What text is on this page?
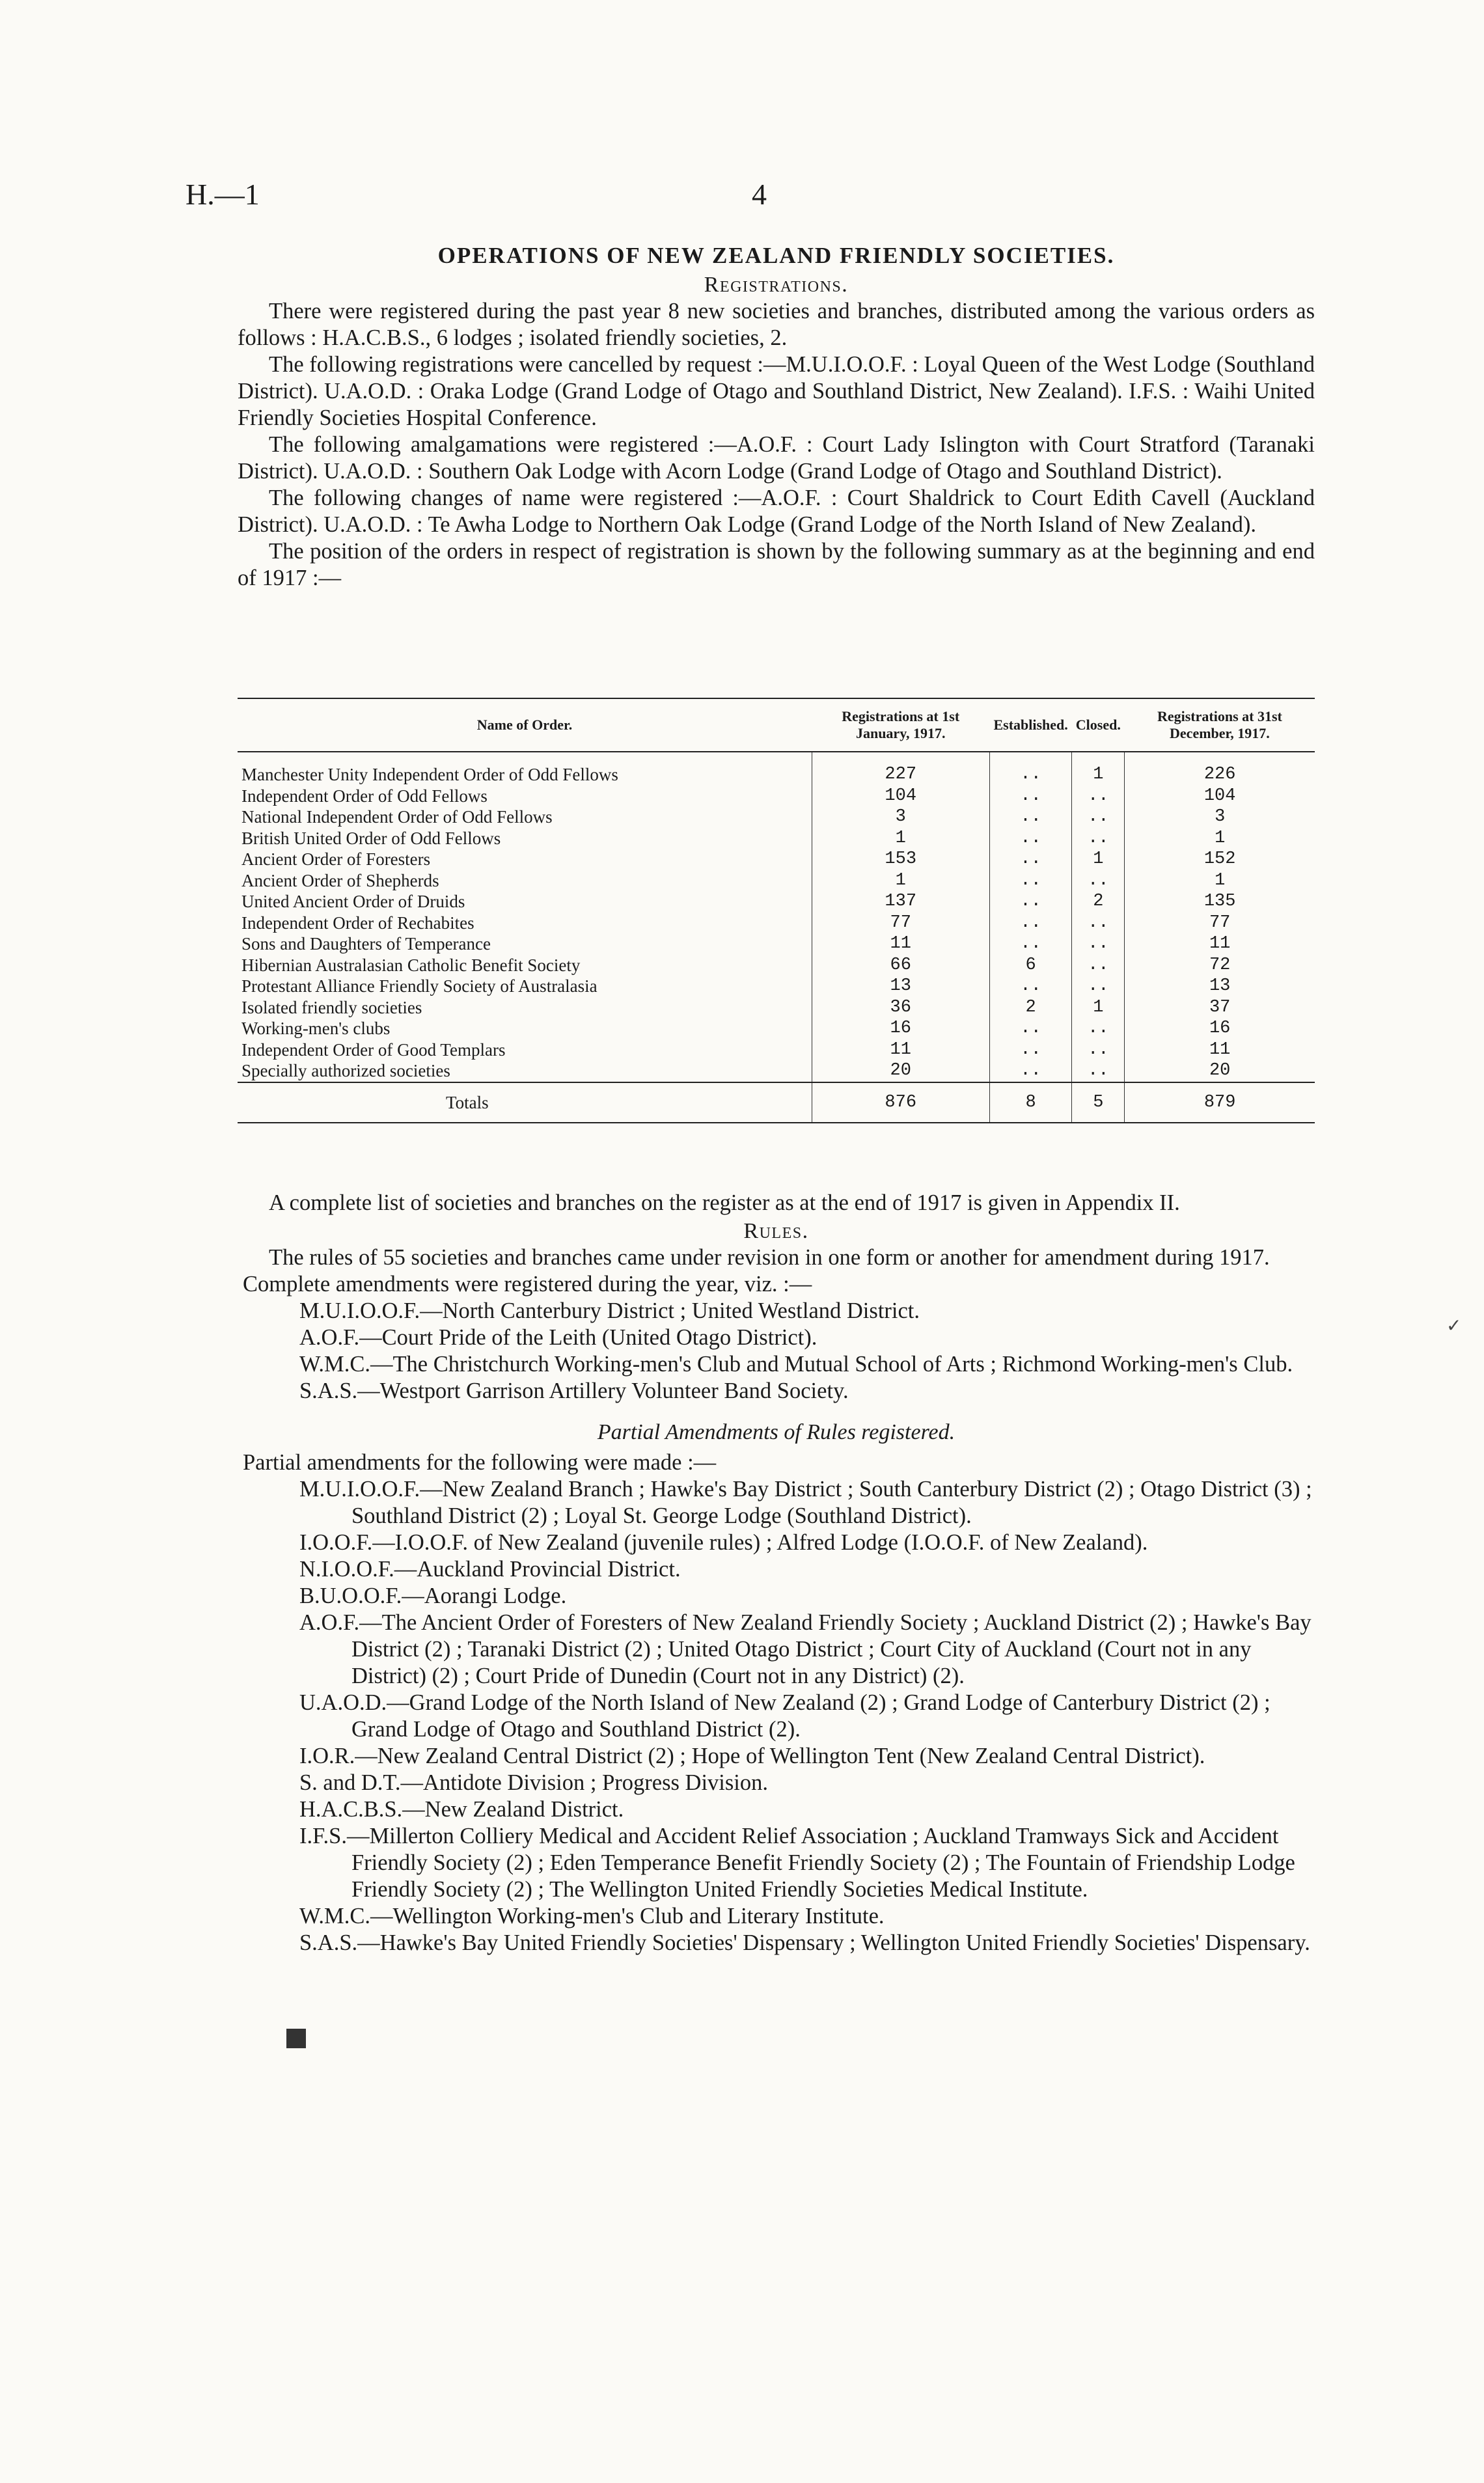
H.—1	4
OPERATIONS OF NEW ZEALAND FRIENDLY SOCIETIES.
Registrations.

There were registered during the past year 8 new societies and branches, distributed among the various orders as follows : H.A.C.B.S., 6 lodges ; isolated friendly societies, 2.

The following registrations were cancelled by request :—M.U.I.O.O.F. : Loyal Queen of the West Lodge (Southland District). U.A.O.D. : Oraka Lodge (Grand Lodge of Otago and Southland District, New Zealand). I.F.S. : Waihi United Friendly Societies Hospital Conference.

The following amalgamations were registered :—A.O.F. : Court Lady Islington with Court Stratford (Taranaki District). U.A.O.D. : Southern Oak Lodge with Acorn Lodge (Grand Lodge of Otago and Southland District).

The following changes of name were registered :—A.O.F. : Court Shaldrick to Court Edith Cavell (Auckland District). U.A.O.D. : Te Awha Lodge to Northern Oak Lodge (Grand Lodge of the North Island of New Zealand).

The position of the orders in respect of registration is shown by the following summary as at the beginning and end of 1917 :—

Name of Order.	Registrations at 1st January, 1917.	Established.	Closed.	Registrations at 31st December, 1917.
Manchester Unity Independent Order of Odd Fellows	227	..	1	226
Independent Order of Odd Fellows	104	..	..	104
National Independent Order of Odd Fellows	3	..	..	3
British United Order of Odd Fellows	1	..	..	1
Ancient Order of Foresters	153	..	1	152
Ancient Order of Shepherds	1	..	..	1
United Ancient Order of Druids	137	..	2	135
Independent Order of Rechabites	77	..	..	77
Sons and Daughters of Temperance	11	..	..	11
Hibernian Australasian Catholic Benefit Society	66	6	..	72
Protestant Alliance Friendly Society of Australasia	13	..	..	13
Isolated friendly societies	36	2	1	37
Working-men's clubs	16	..	..	16
Independent Order of Good Templars	11	..	..	11
Specially authorized societies	20	..	..	20
Totals	876	8	5	879

A complete list of societies and branches on the register as at the end of 1917 is given in Appendix II.

Rules.

The rules of 55 societies and branches came under revision in one form or another for amendment during 1917.

Complete amendments were registered during the year, viz. :—

M.U.I.O.O.F.—North Canterbury District ; United Westland District.
A.O.F.—Court Pride of the Leith (United Otago District).
W.M.C.—The Christchurch Working-men's Club and Mutual School of Arts ; Richmond Working-men's Club.
S.A.S.—Westport Garrison Artillery Volunteer Band Society.
Partial Amendments of Rules registered.

Partial amendments for the following were made :—

M.U.I.O.O.F.—New Zealand Branch ; Hawke's Bay District ; South Canterbury District (2) ; Otago District (3) ; Southland District (2) ; Loyal St. George Lodge (Southland District).
I.O.O.F.—I.O.O.F. of New Zealand (juvenile rules) ; Alfred Lodge (I.O.O.F. of New Zealand).
N.I.O.O.F.—Auckland Provincial District.
B.U.O.O.F.—Aorangi Lodge.
A.O.F.—The Ancient Order of Foresters of New Zealand Friendly Society ; Auckland District (2) ; Hawke's Bay District (2) ; Taranaki District (2) ; United Otago District ; Court City of Auckland (Court not in any District) (2) ; Court Pride of Dunedin (Court not in any District) (2).
U.A.O.D.—Grand Lodge of the North Island of New Zealand (2) ; Grand Lodge of Canterbury District (2) ; Grand Lodge of Otago and Southland District (2).
I.O.R.—New Zealand Central District (2) ; Hope of Wellington Tent (New Zealand Central District).
S. and D.T.—Antidote Division ; Progress Division.
H.A.C.B.S.—New Zealand District.
I.F.S.—Millerton Colliery Medical and Accident Relief Association ; Auckland Tramways Sick and Accident Friendly Society (2) ; Eden Temperance Benefit Friendly Society (2) ; The Fountain of Friendship Lodge Friendly Society (2) ; The Wellington United Friendly Societies Medical Institute.
W.M.C.—Wellington Working-men's Club and Literary Institute.
S.A.S.—Hawke's Bay United Friendly Societies' Dispensary ; Wellington United Friendly Societies' Dispensary.
✓
